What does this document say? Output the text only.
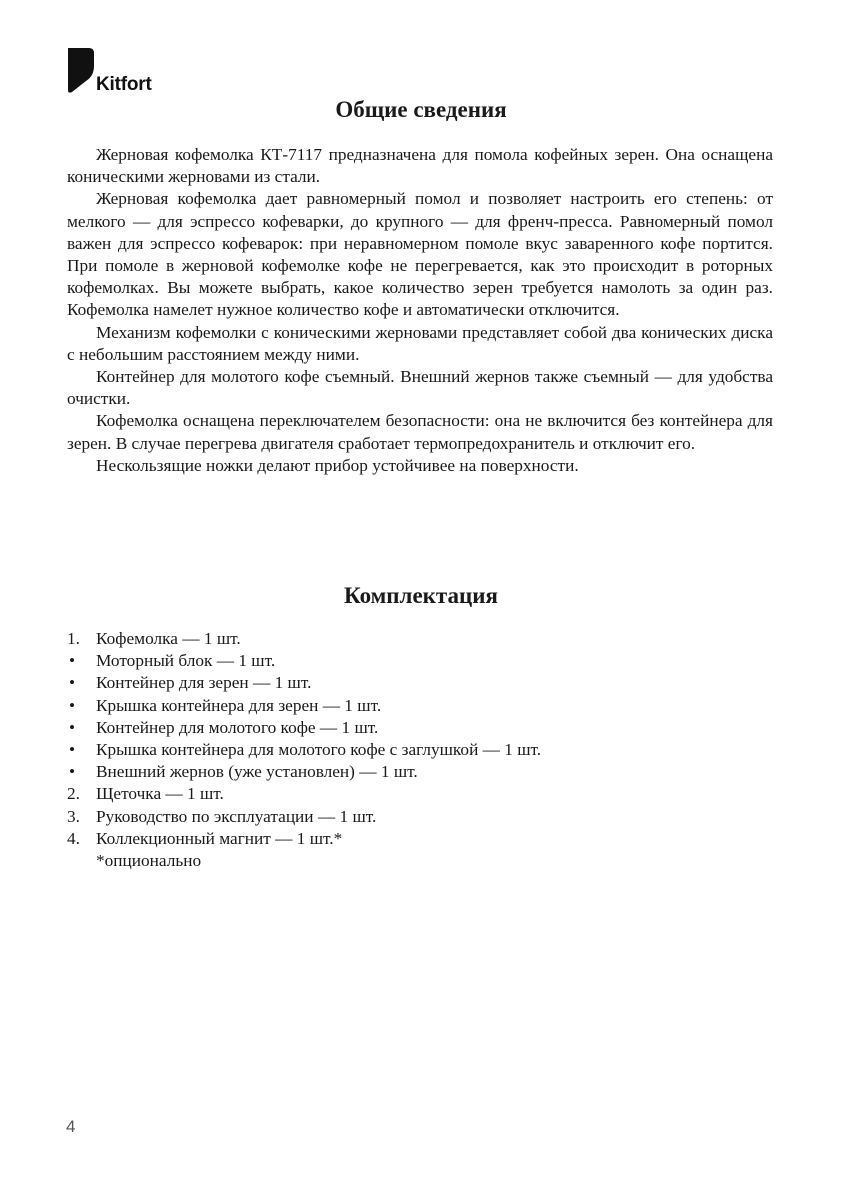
Kitfort
Общие сведения

Жерновая кофемолка КТ-7117 предназначена для помола кофейных зерен. Она оснащена коническими жерновами из стали.

Жерновая кофемолка дает равномерный помол и позволяет настроить его степень: от мелкого — для эспрессо кофеварки, до крупного — для френч-пресса. Равномерный помол важен для эспрессо кофеварок: при неравномерном помоле вкус заваренного кофе портится. При помоле в жерновой кофемолке кофе не перегревается, как это происходит в роторных кофемолках. Вы можете выбрать, какое количество зерен требуется намолоть за один раз. Кофемолка намелет нужное количество кофе и автоматически отключится.

Механизм кофемолки с коническими жерновами представляет собой два конических диска с небольшим расстоянием между ними.

Контейнер для молотого кофе съемный. Внешний жернов также съемный — для удобства очистки.

Кофемолка оснащена переключателем безопасности: она не включится без контейнера для зерен. В случае перегрева двигателя сработает термопредохранитель и отключит его.

Нескользящие ножки делают прибор устойчивее на поверхности.

Комплектация
1. Кофемолка — 1 шт.
• Моторный блок — 1 шт.
• Контейнер для зерен — 1 шт.
• Крышка контейнера для зерен — 1 шт.
• Контейнер для молотого кофе — 1 шт.
• Крышка контейнера для молотого кофе с заглушкой — 1 шт.
• Внешний жернов (уже установлен) — 1 шт.
2. Щеточка — 1 шт.
3. Руководство по эксплуатации — 1 шт.
4. Коллекционный магнит — 1 шт.*
*опционально
4
